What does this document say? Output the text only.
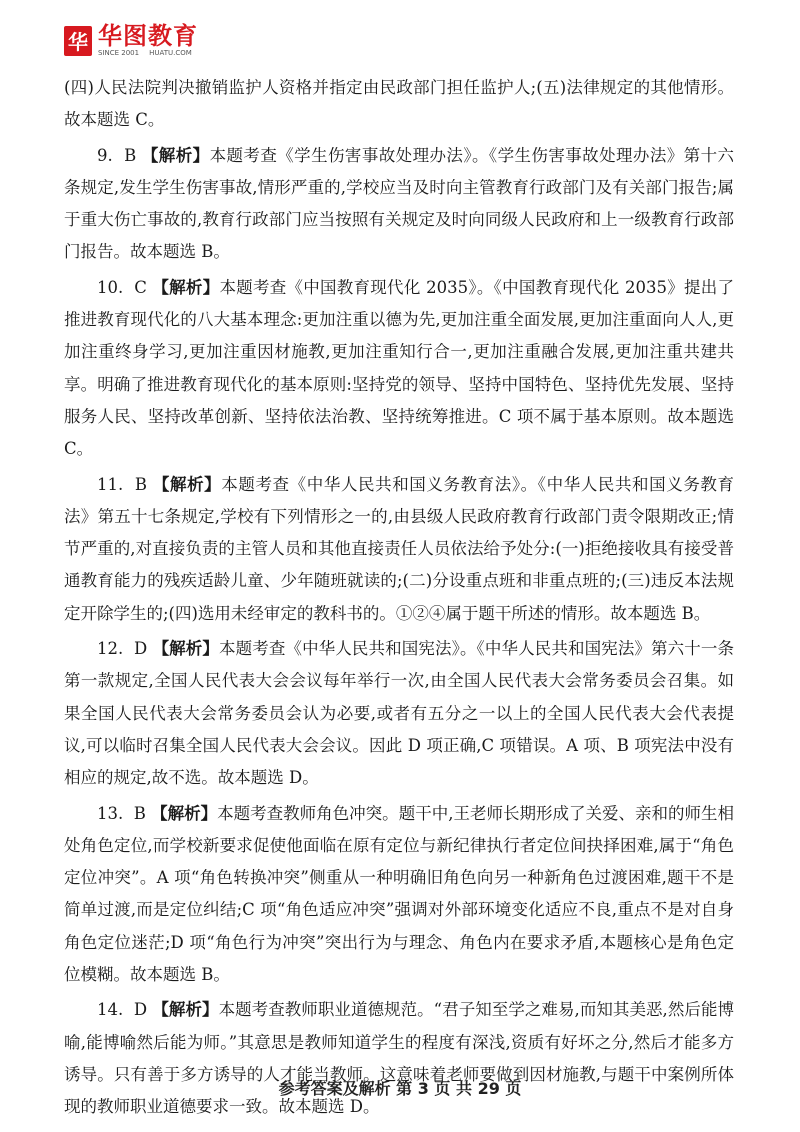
华 华图教育
SINCE 2001 HUATU.COM

(四)人民法院判决撤销监护人资格并指定由民政部门担任监护人;(五)法律规定的其他情形。故本题选 C。

9. B 【解析】本题考查《学生伤害事故处理办法》。《学生伤害事故处理办法》第十六条规定,发生学生伤害事故,情形严重的,学校应当及时向主管教育行政部门及有关部门报告;属于重大伤亡事故的,教育行政部门应当按照有关规定及时向同级人民政府和上一级教育行政部门报告。故本题选 B。

10. C 【解析】本题考查《中国教育现代化 2035》。《中国教育现代化 2035》提出了推进教育现代化的八大基本理念:更加注重以德为先,更加注重全面发展,更加注重面向人人,更加注重终身学习,更加注重因材施教,更加注重知行合一,更加注重融合发展,更加注重共建共享。明确了推进教育现代化的基本原则:坚持党的领导、坚持中国特色、坚持优先发展、坚持服务人民、坚持改革创新、坚持依法治教、坚持统筹推进。C 项不属于基本原则。故本题选 C。

11. B 【解析】本题考查《中华人民共和国义务教育法》。《中华人民共和国义务教育法》第五十七条规定,学校有下列情形之一的,由县级人民政府教育行政部门责令限期改正;情节严重的,对直接负责的主管人员和其他直接责任人员依法给予处分:(一)拒绝接收具有接受普通教育能力的残疾适龄儿童、少年随班就读的;(二)分设重点班和非重点班的;(三)违反本法规定开除学生的;(四)选用未经审定的教科书的。①②④属于题干所述的情形。故本题选 B。

12. D 【解析】本题考查《中华人民共和国宪法》。《中华人民共和国宪法》第六十一条第一款规定,全国人民代表大会会议每年举行一次,由全国人民代表大会常务委员会召集。如果全国人民代表大会常务委员会认为必要,或者有五分之一以上的全国人民代表大会代表提议,可以临时召集全国人民代表大会会议。因此 D 项正确,C 项错误。A 项、B 项宪法中没有相应的规定,故不选。故本题选 D。

13. B 【解析】本题考查教师角色冲突。题干中,王老师长期形成了关爱、亲和的师生相处角色定位,而学校新要求促使他面临在原有定位与新纪律执行者定位间抉择困难,属于“角色定位冲突”。A 项“角色转换冲突”侧重从一种明确旧角色向另一种新角色过渡困难,题干不是简单过渡,而是定位纠结;C 项“角色适应冲突”强调对外部环境变化适应不良,重点不是对自身角色定位迷茫;D 项“角色行为冲突”突出行为与理念、角色内在要求矛盾,本题核心是角色定位模糊。故本题选 B。

14. D 【解析】本题考查教师职业道德规范。“君子知至学之难易,而知其美恶,然后能博喻,能博喻然后能为师。”其意思是教师知道学生的程度有深浅,资质有好坏之分,然后才能多方诱导。只有善于多方诱导的人才能当教师。这意味着老师要做到因材施教,与题干中案例所体现的教师职业道德要求一致。故本题选 D。

参考答案及解析 第 3 页 共 29 页
